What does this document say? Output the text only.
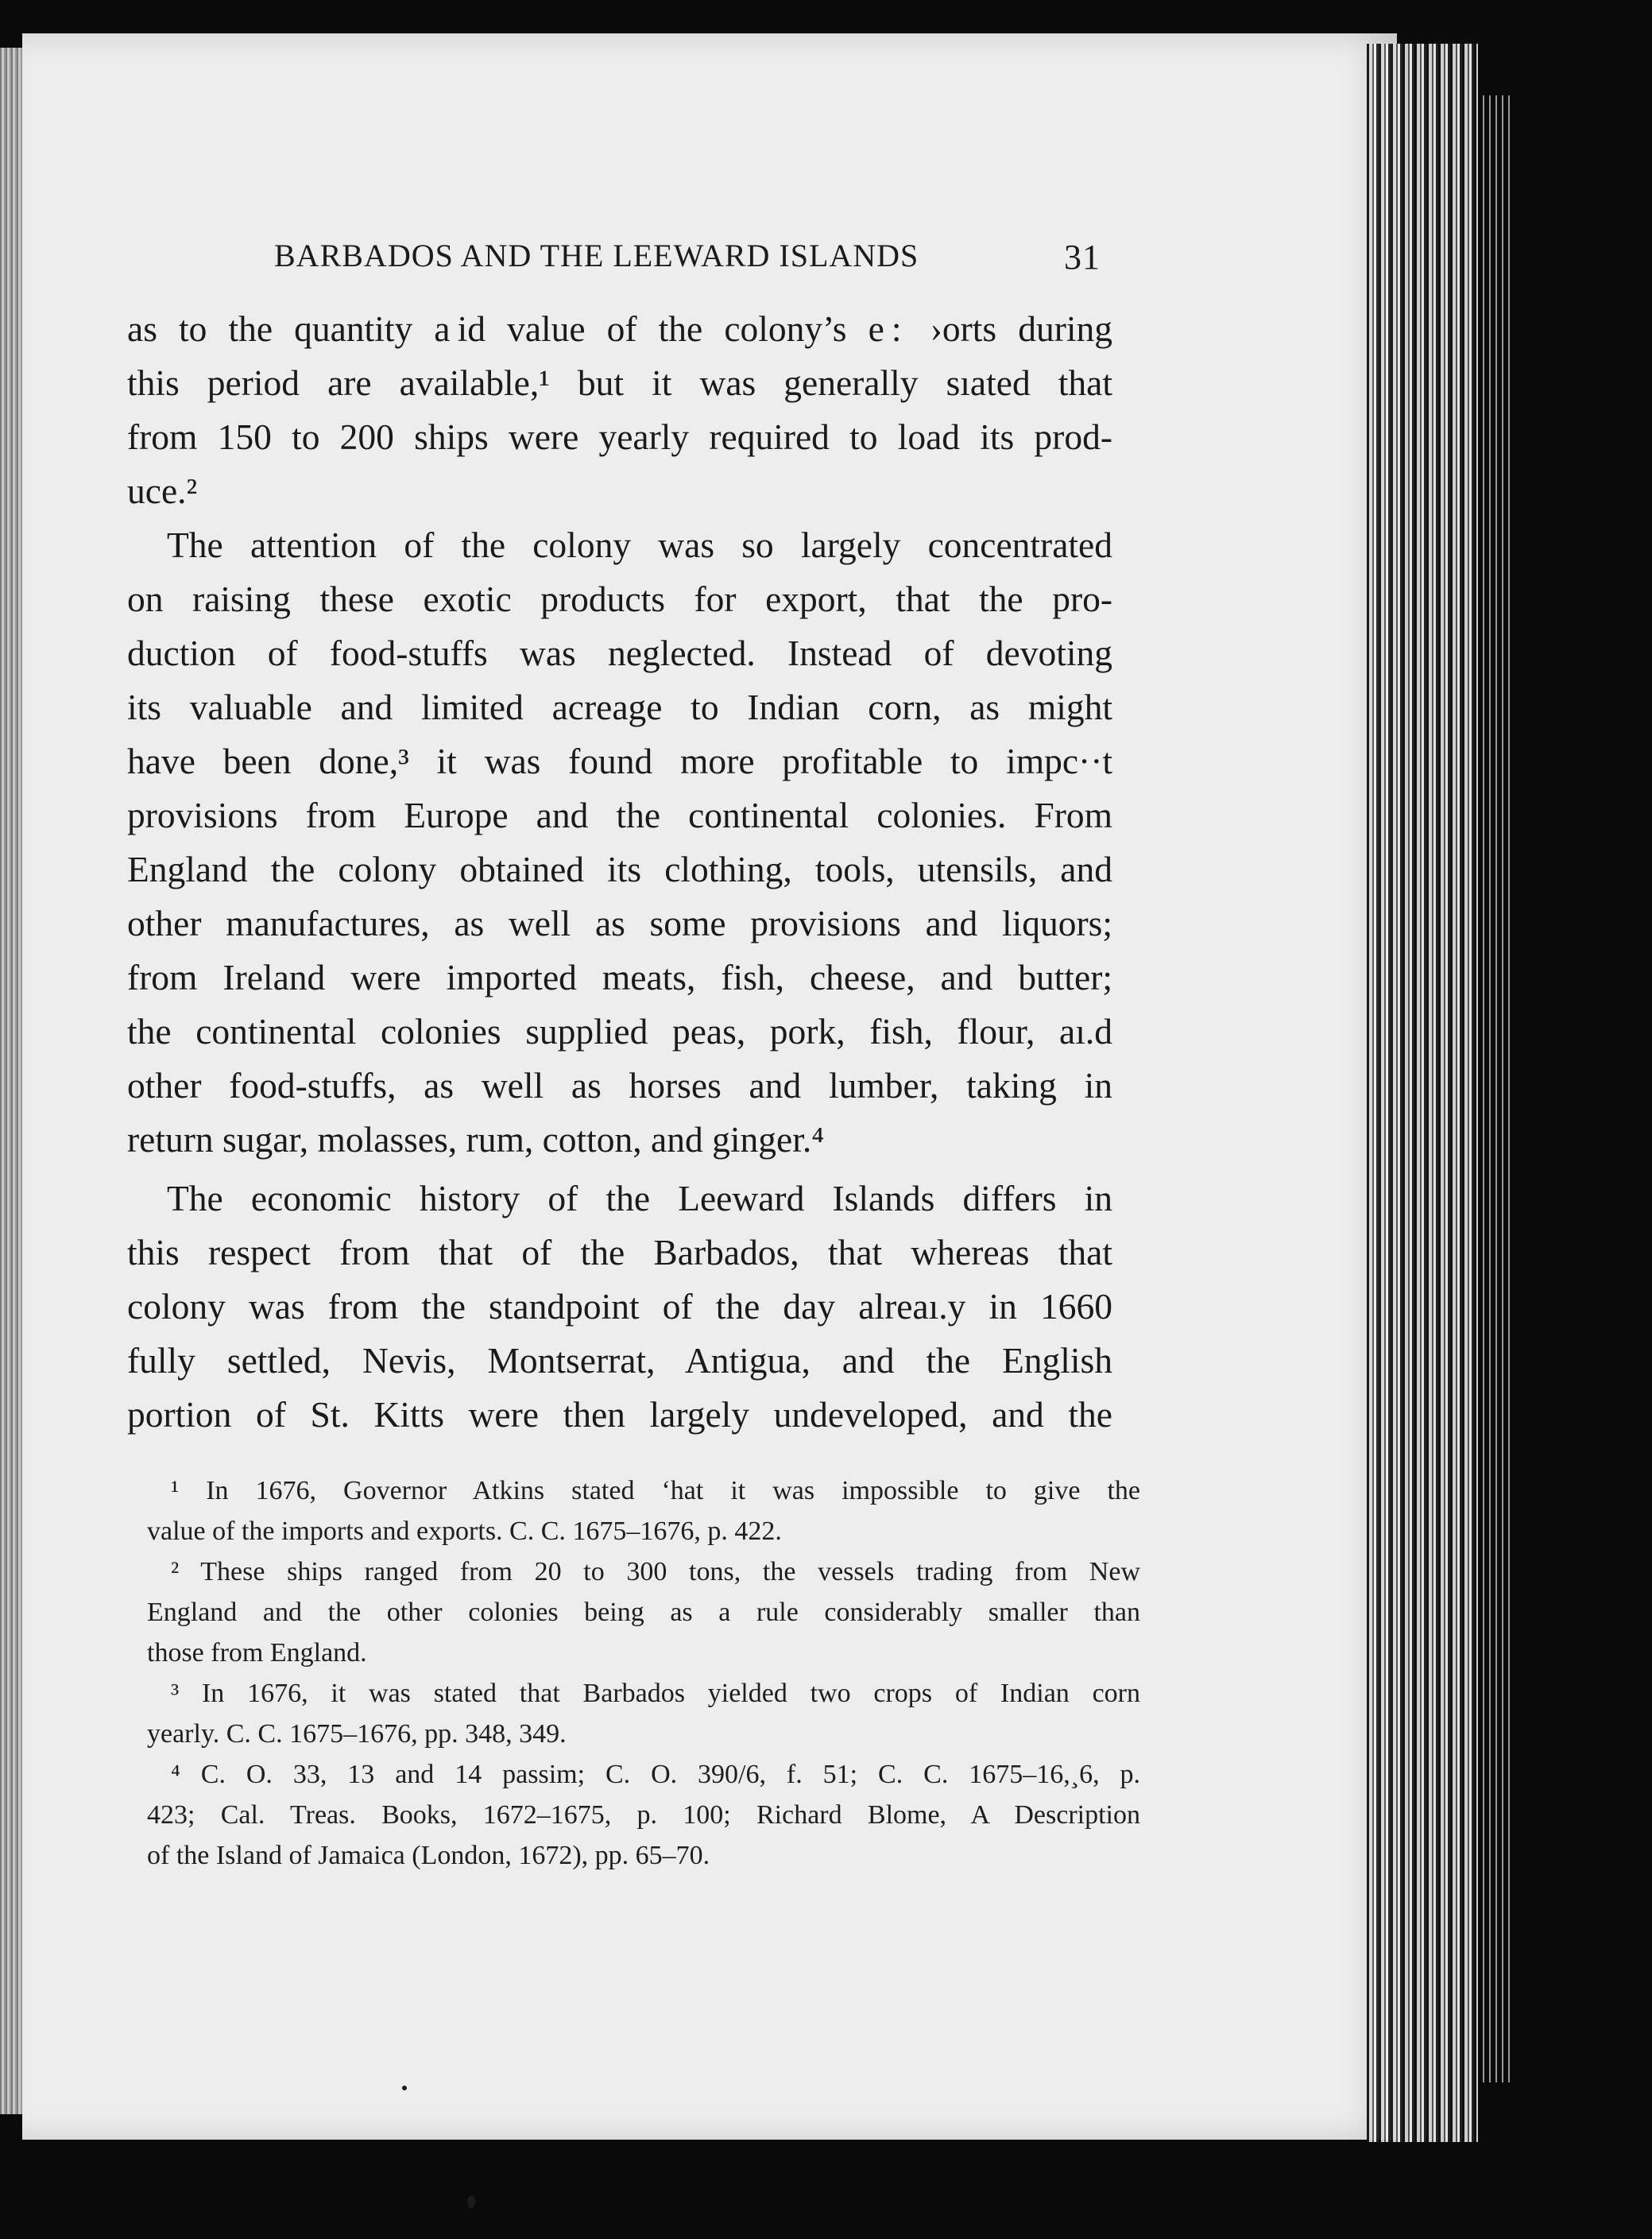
BARBADOS AND THE LEEWARD ISLANDS	31
as to the quantity a id value of the colony’s e :  ›orts during
this period are available,¹ but it was generally sıated that
from 150 to 200 ships were yearly required to load its prod-
uce.²
The attention of the colony was so largely concentrated
on raising these exotic products for export, that the pro-
duction of food-stuffs was neglected. Instead of devoting
its valuable and limited acreage to Indian corn, as might
have been done,³ it was found more profitable to impc··t
provisions from Europe and the continental colonies. From
England the colony obtained its clothing, tools, utensils, and
other manufactures, as well as some provisions and liquors;
from Ireland were imported meats, fish, cheese, and butter;
the continental colonies supplied peas, pork, fish, flour, aı.d
other food-stuffs, as well as horses and lumber, taking in
return sugar, molasses, rum, cotton, and ginger.⁴
The economic history of the Leeward Islands differs in
this respect from that of the Barbados, that whereas that
colony was from the standpoint of the day alreaı.y in 1660
fully settled, Nevis, Montserrat, Antigua, and the English
portion of St. Kitts were then largely undeveloped, and the
¹ In 1676, Governor Atkins stated ‘hat it was impossible to give the
value of the imports and exports. C. C. 1675–1676, p. 422.
² These ships ranged from 20 to 300 tons, the vessels trading from New
England and the other colonies being as a rule considerably smaller than
those from England.
³ In 1676, it was stated that Barbados yielded two crops of Indian corn
yearly. C. C. 1675–1676, pp. 348, 349.
⁴ C. O. 33, 13 and 14 passim; C. O. 390/6, f. 51; C. C. 1675–16,¸6, p.
423; Cal. Treas. Books, 1672–1675, p. 100; Richard Blome, A Description
of the Island of Jamaica (London, 1672), pp. 65–70.
